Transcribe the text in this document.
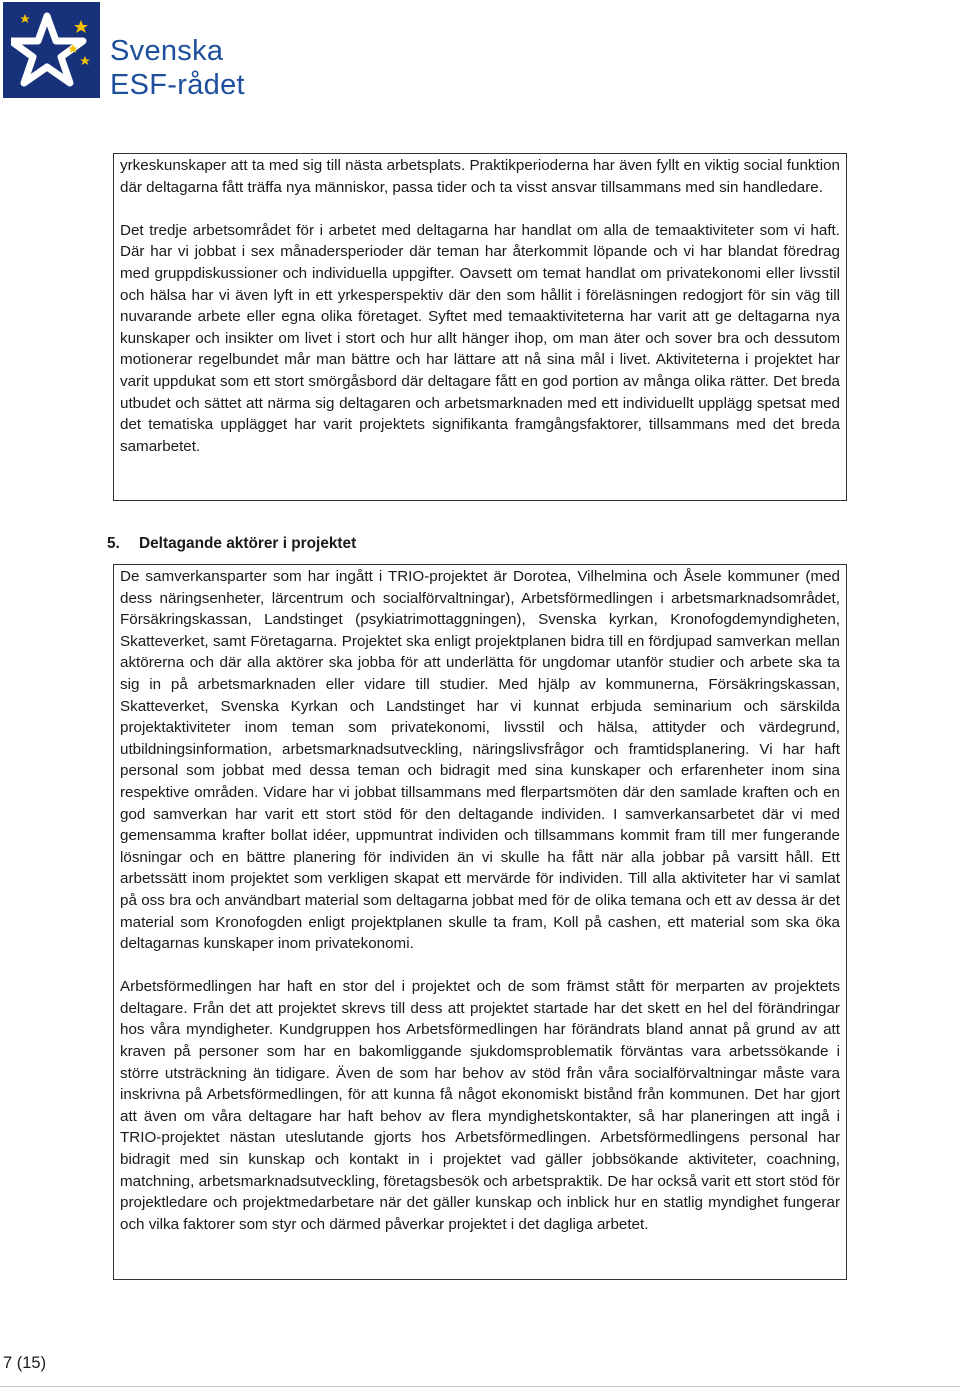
Svenska
ESF-rådet

yrkeskunskaper att ta med sig till nästa arbetsplats. Praktikperioderna har även fyllt en viktig social funktion där deltagarna fått träffa nya människor, passa tider och ta visst ansvar tillsammans med sin handledare.

Det tredje arbetsområdet för i arbetet med deltagarna har handlat om alla de temaaktiviteter som vi haft. Där har vi jobbat i sex månadersperioder där teman har återkommit löpande och vi har blandat föredrag med gruppdiskussioner och individuella uppgifter. Oavsett om temat handlat om privatekonomi eller livsstil och hälsa har vi även lyft in ett yrkesperspektiv där den som hållit i föreläsningen redogjort för sin väg till nuvarande arbete eller egna olika företaget. Syftet med temaaktiviteterna har varit att ge deltagarna nya kunskaper och insikter om livet i stort och hur allt hänger ihop, om man äter och sover bra och dessutom motionerar regelbundet mår man bättre och har lättare att nå sina mål i livet. Aktiviteterna i projektet har varit uppdukat som ett stort smörgåsbord där deltagare fått en god portion av många olika rätter. Det breda utbudet och sättet att närma sig deltagaren och arbetsmarknaden med ett individuellt upplägg spetsat med det tematiska upplägget har varit projektets signifikanta framgångsfaktorer, tillsammans med det breda samarbetet.

5. Deltagande aktörer i projektet

De samverkansparter som har ingått i TRIO-projektet är Dorotea, Vilhelmina och Åsele kommuner (med dess näringsenheter, lärcentrum och socialförvaltningar), Arbetsförmedlingen i arbetsmarknadsområdet, Försäkringskassan, Landstinget (psykiatrimottaggningen), Svenska kyrkan, Kronofogdemyndigheten, Skatteverket, samt Företagarna. Projektet ska enligt projektplanen bidra till en fördjupad samverkan mellan aktörerna och där alla aktörer ska jobba för att underlätta för ungdomar utanför studier och arbete ska ta sig in på arbetsmarknaden eller vidare till studier. Med hjälp av kommunerna, Försäkringskassan, Skatteverket, Svenska Kyrkan och Landstinget har vi kunnat erbjuda seminarium och särskilda projektaktiviteter inom teman som privatekonomi, livsstil och hälsa, attityder och värdegrund, utbildningsinformation, arbetsmarknadsutveckling, näringslivsfrågor och framtidsplanering. Vi har haft personal som jobbat med dessa teman och bidragit med sina kunskaper och erfarenheter inom sina respektive områden. Vidare har vi jobbat tillsammans med flerpartsmöten där den samlade kraften och en god samverkan har varit ett stort stöd för den deltagande individen. I samverkansarbetet där vi med gemensamma krafter bollat idéer, uppmuntrat individen och tillsammans kommit fram till mer fungerande lösningar och en bättre planering för individen än vi skulle ha fått när alla jobbar på varsitt håll. Ett arbetssätt inom projektet som verkligen skapat ett mervärde för individen. Till alla aktiviteter har vi samlat på oss bra och användbart material som deltagarna jobbat med för de olika temana och ett av dessa är det material som Kronofogden enligt projektplanen skulle ta fram, Koll på cashen, ett material som ska öka deltagarnas kunskaper inom privatekonomi.

Arbetsförmedlingen har haft en stor del i projektet och de som främst stått för merparten av projektets deltagare. Från det att projektet skrevs till dess att projektet startade har det skett en hel del förändringar hos våra myndigheter. Kundgruppen hos Arbetsförmedlingen har förändrats bland annat på grund av att kraven på personer som har en bakomliggande sjukdomsproblematik förväntas vara arbetssökande i större utsträckning än tidigare. Även de som har behov av stöd från våra socialförvaltningar måste vara inskrivna på Arbetsförmedlingen, för att kunna få något ekonomiskt bistånd från kommunen. Det har gjort att även om våra deltagare har haft behov av flera myndighetskontakter, så har planeringen att ingå i TRIO-projektet nästan uteslutande gjorts hos Arbetsförmedlingen. Arbetsförmedlingens personal har bidragit med sin kunskap och kontakt in i projektet vad gäller jobbsökande aktiviteter, coachning, matchning, arbetsmarknadsutveckling, företagsbesök och arbetspraktik. De har också varit ett stort stöd för projektledare och projektmedarbetare när det gäller kunskap och inblick hur en statlig myndighet fungerar och vilka faktorer som styr och därmed påverkar projektet i det dagliga arbetet.

7 (15)
